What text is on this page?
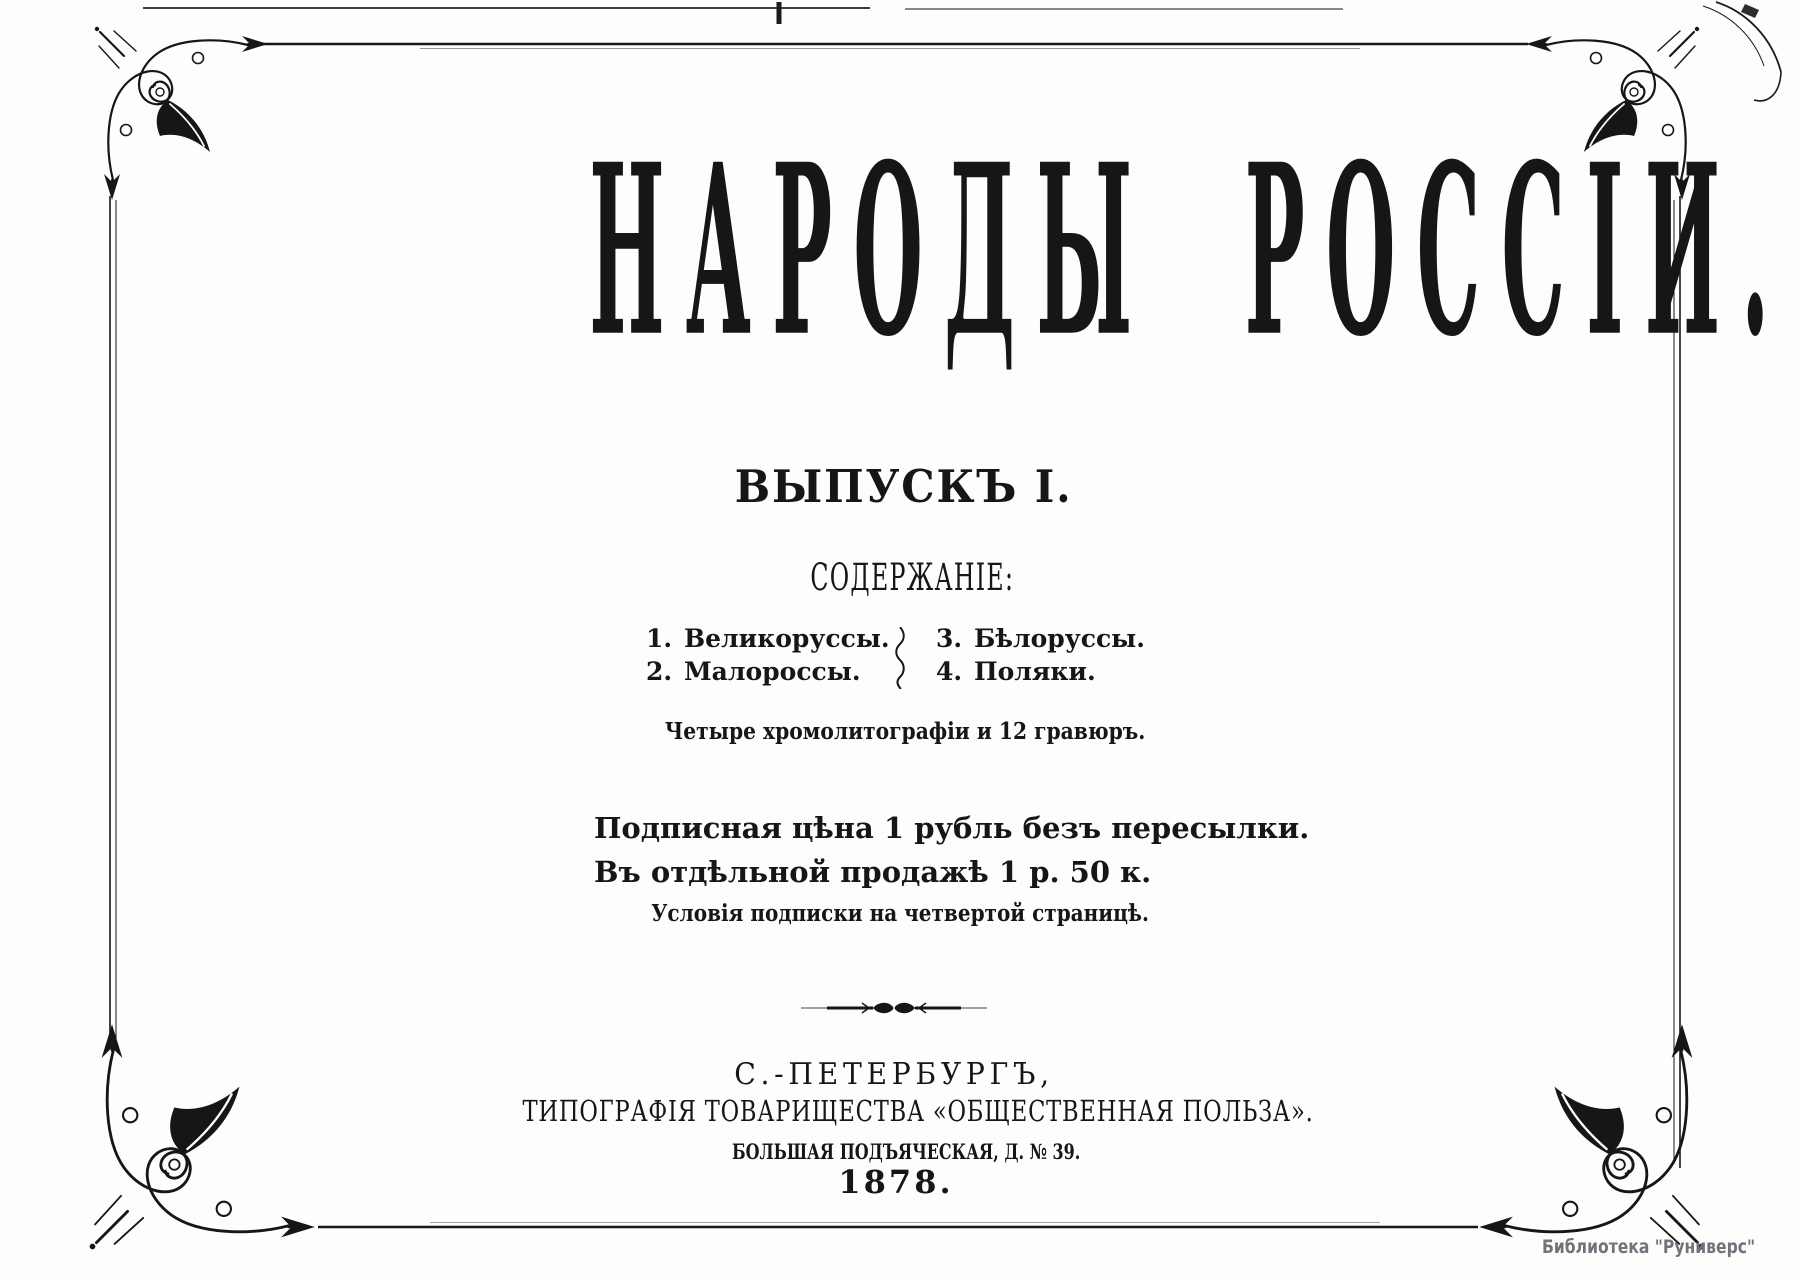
НАРОДЫ РОССІИ.
ВЫПУСКЪ I.
СОДЕРЖАНІЕ:
1. Великоруссы.
2. Малороссы.
3. Бѣлоруссы.
4. Поляки.
Четыре хромолитографіи и 12 гравюръ.
Подписная цѣна 1 рубль безъ пересылки.
Въ отдѣльной продажѣ 1 р. 50 к.
Условія подписки на четвертой страницѣ.
С.-ПЕТЕРБУРГЪ,
ТИПОГРАФІЯ ТОВАРИЩЕСТВА «ОБЩЕСТВЕННАЯ ПОЛЬЗА».
БОЛЬШАЯ ПОДЪЯЧЕСКАЯ, Д. № 39.
1878.
Библиотека "Руниверс"
